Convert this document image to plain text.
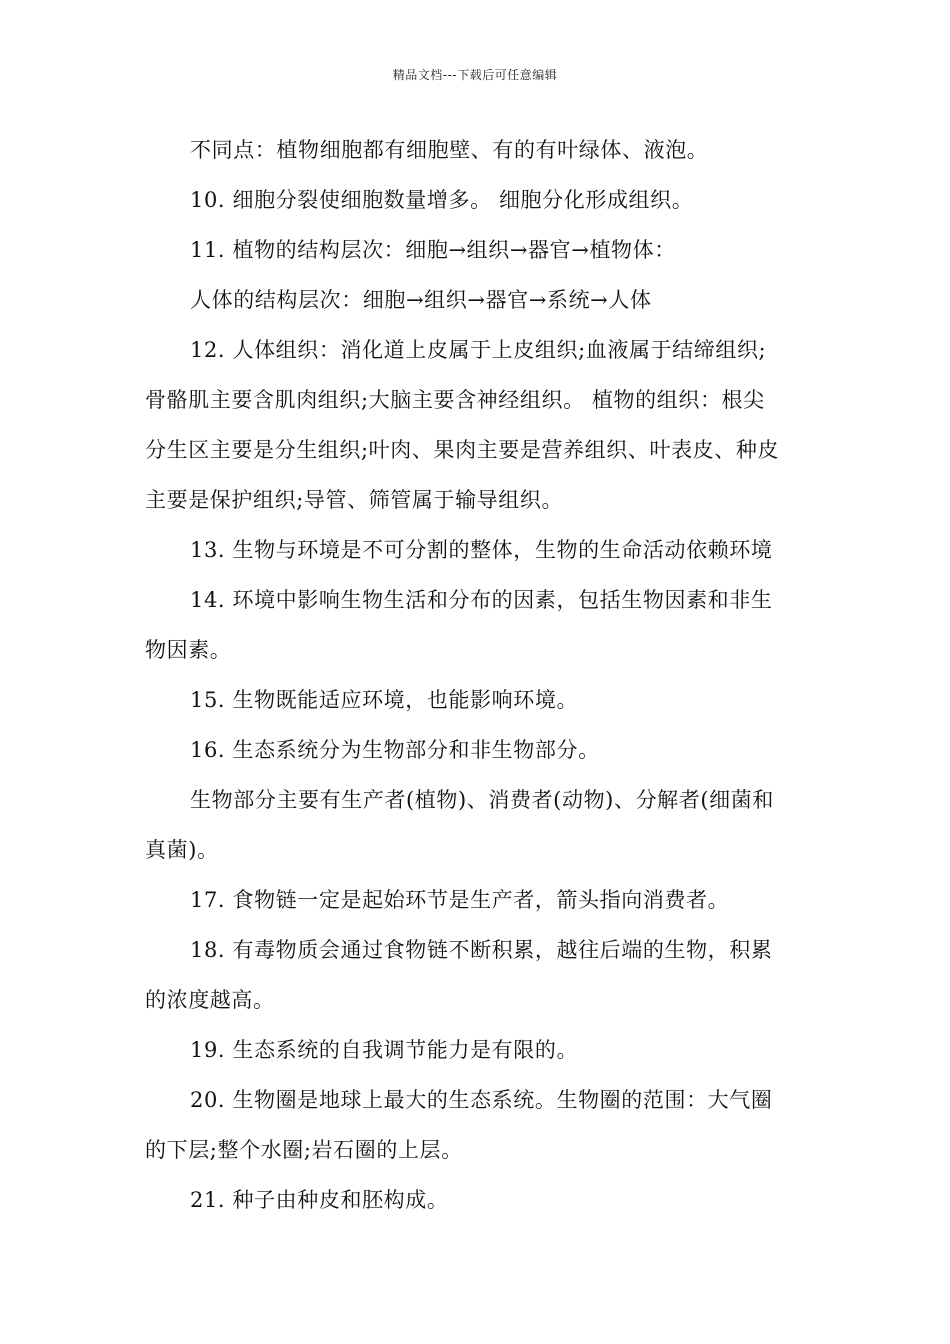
精品文档---下载后可任意编辑
不同点：植物细胞都有细胞壁、有的有叶绿体、液泡。
10. 细胞分裂使细胞数量增多。 细胞分化形成组织。
11. 植物的结构层次：细胞→组织→器官→植物体：
人体的结构层次：细胞→组织→器官→系统→人体
12. 人体组织：消化道上皮属于上皮组织;血液属于结缔组织;
骨骼肌主要含肌肉组织;大脑主要含神经组织。 植物的组织：根尖
分生区主要是分生组织;叶肉、果肉主要是营养组织、叶表皮、种皮
主要是保护组织;导管、筛管属于输导组织。
13. 生物与环境是不可分割的整体，生物的生命活动依赖环境
14. 环境中影响生物生活和分布的因素，包括生物因素和非生
物因素。
15. 生物既能适应环境，也能影响环境。
16. 生态系统分为生物部分和非生物部分。
生物部分主要有生产者(植物)、消费者(动物)、分解者(细菌和
真菌)。
17. 食物链一定是起始环节是生产者，箭头指向消费者。
18. 有毒物质会通过食物链不断积累，越往后端的生物，积累
的浓度越高。
19. 生态系统的自我调节能力是有限的。
20. 生物圈是地球上最大的生态系统。生物圈的范围：大气圈
的下层;整个水圈;岩石圈的上层。
21. 种子由种皮和胚构成。
